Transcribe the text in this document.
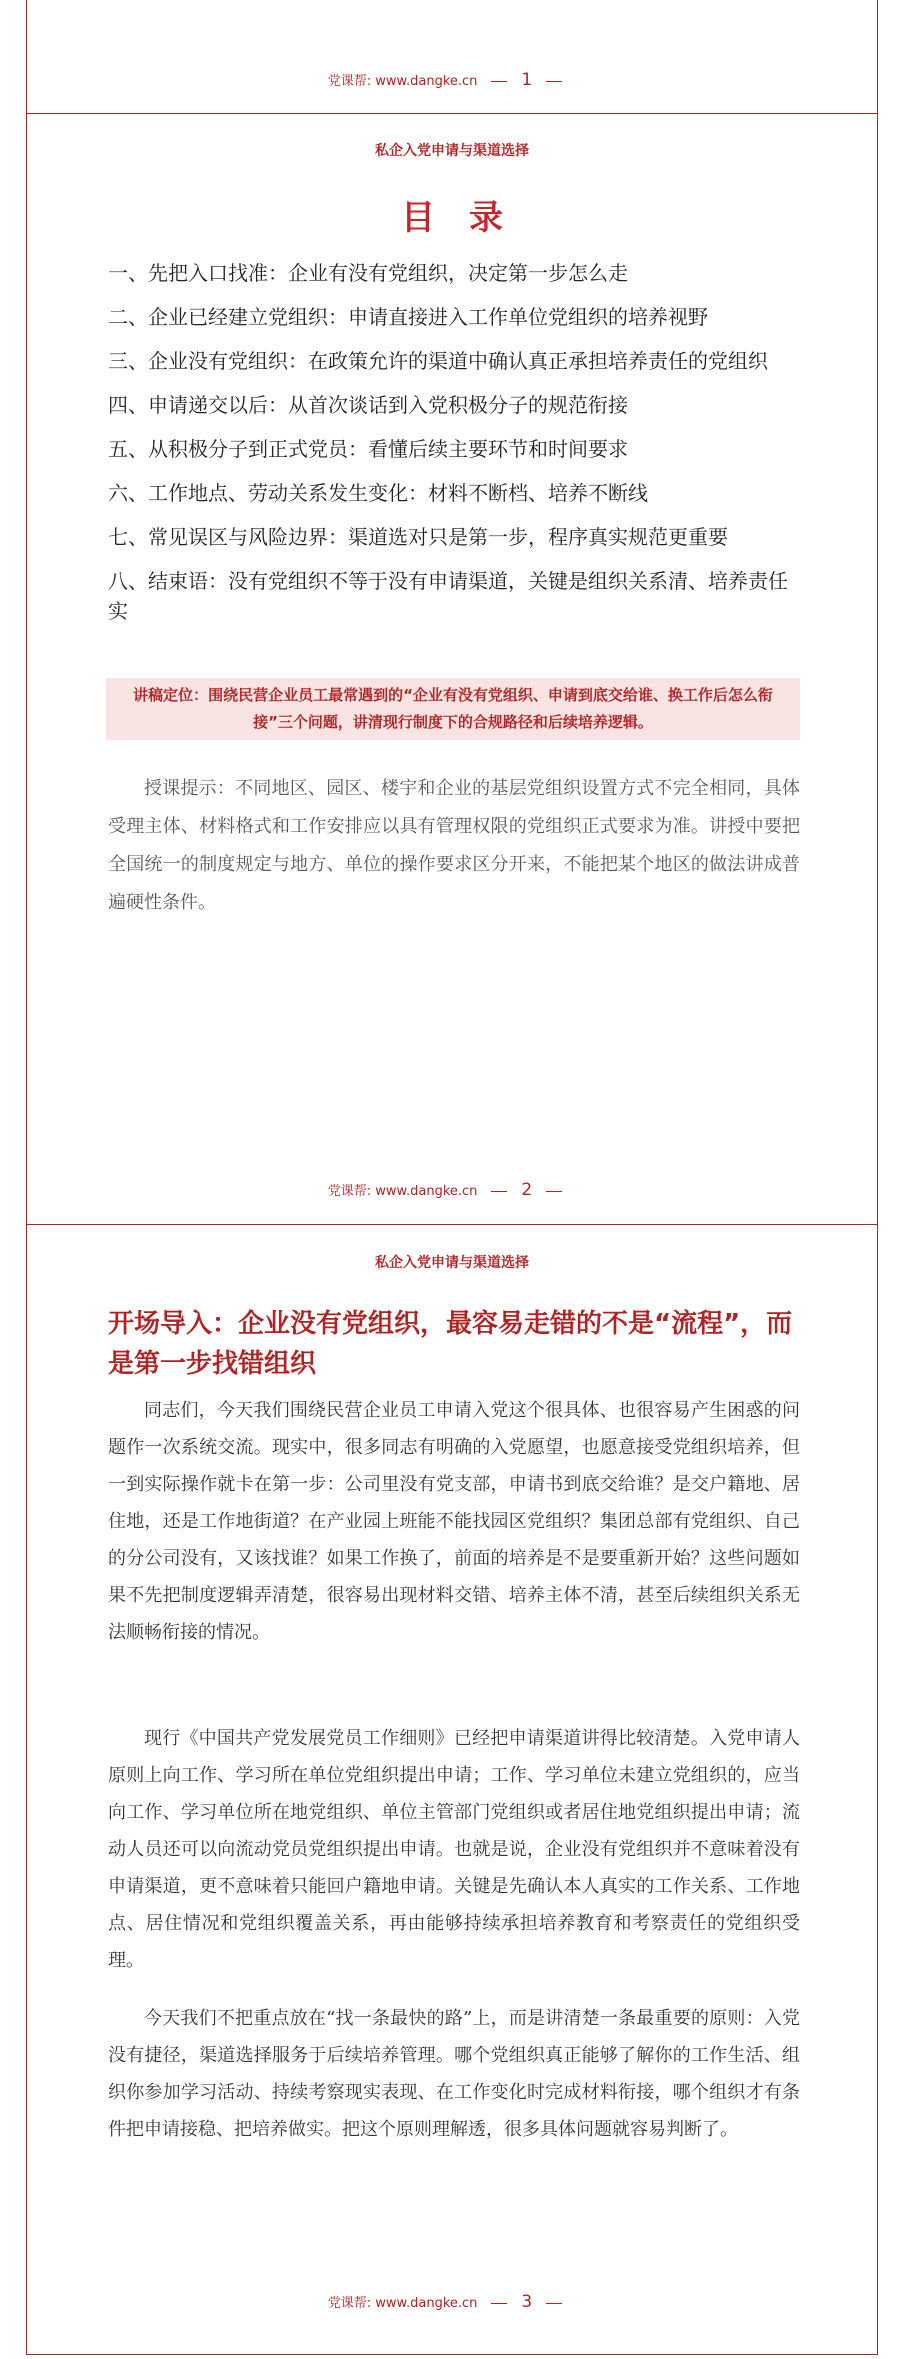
党课帮: www.dangke.cn	1
私企入党申请与渠道选择
目录
一、先把入口找准：企业有没有党组织，决定第一步怎么走
二、企业已经建立党组织：申请直接进入工作单位党组织的培养视野
三、企业没有党组织：在政策允许的渠道中确认真正承担培养责任的党组织
四、申请递交以后：从首次谈话到入党积极分子的规范衔接
五、从积极分子到正式党员：看懂后续主要环节和时间要求
六、工作地点、劳动关系发生变化：材料不断档、培养不断线
七、常见误区与风险边界：渠道选对只是第一步，程序真实规范更重要
八、结束语：没有党组织不等于没有申请渠道，关键是组织关系清、培养责任实
讲稿定位：围绕民营企业员工最常遇到的“企业有没有党组织、申请到底交给谁、换工作后怎么衔接”三个问题，讲清现行制度下的合规路径和后续培养逻辑。
授课提示：不同地区、园区、楼宇和企业的基层党组织设置方式不完全相同，具体受理主体、材料格式和工作安排应以具有管理权限的党组织正式要求为准。讲授中要把全国统一的制度规定与地方、单位的操作要求区分开来，不能把某个地区的做法讲成普遍硬性条件。
党课帮: www.dangke.cn	2
私企入党申请与渠道选择
开场导入：企业没有党组织，最容易走错的不是“流程”，而是第一步找错组织
同志们，今天我们围绕民营企业员工申请入党这个很具体、也很容易产生困惑的问题作一次系统交流。现实中，很多同志有明确的入党愿望，也愿意接受党组织培养，但一到实际操作就卡在第一步：公司里没有党支部，申请书到底交给谁？是交户籍地、居住地，还是工作地街道？在产业园上班能不能找园区党组织？集团总部有党组织、自己的分公司没有，又该找谁？如果工作换了，前面的培养是不是要重新开始？这些问题如果不先把制度逻辑弄清楚，很容易出现材料交错、培养主体不清，甚至后续组织关系无法顺畅衔接的情况。
现行《中国共产党发展党员工作细则》已经把申请渠道讲得比较清楚。入党申请人原则上向工作、学习所在单位党组织提出申请；工作、学习单位未建立党组织的，应当向工作、学习单位所在地党组织、单位主管部门党组织或者居住地党组织提出申请；流动人员还可以向流动党员党组织提出申请。也就是说，企业没有党组织并不意味着没有申请渠道，更不意味着只能回户籍地申请。关键是先确认本人真实的工作关系、工作地点、居住情况和党组织覆盖关系，再由能够持续承担培养教育和考察责任的党组织受理。
今天我们不把重点放在“找一条最快的路”上，而是讲清楚一条最重要的原则：入党没有捷径，渠道选择服务于后续培养管理。哪个党组织真正能够了解你的工作生活、组织你参加学习活动、持续考察现实表现、在工作变化时完成材料衔接，哪个组织才有条件把申请接稳、把培养做实。把这个原则理解透，很多具体问题就容易判断了。
党课帮: www.dangke.cn	3
